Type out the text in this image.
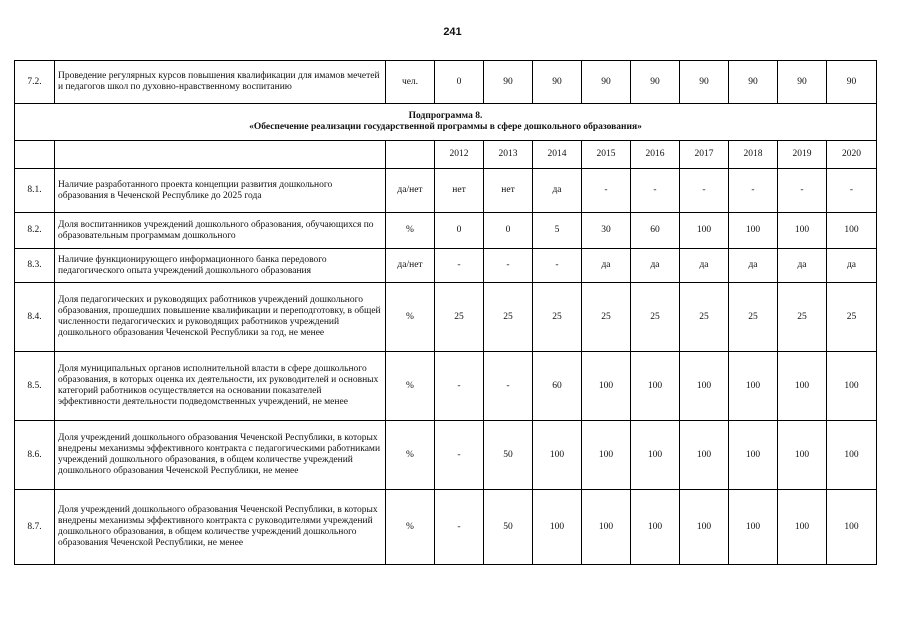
241
7.2.	Проведение регулярных курсов повышения квалификации для имамов мечетей и педагогов школ по духовно-нравственному воспитанию	чел.	0	90	90	90	90	90	90	90	90

Подпрограмма 8.
«Обеспечение реализации государственной программы в сфере дошкольного образования»											

			2012	2013	2014	2015	2016	2017	2018	2019	2020
8.1.	Наличие разработанного проекта концепции развития дошкольного образования в Чеченской Республике до 2025 года	да/нет	нет	нет	да	-	-	-	-	-	-
8.2.	Доля воспитанников учреждений дошкольного образования, обучающихся по образовательным программам дошкольного	%	0	0	5	30	60	100	100	100	100
8.3.	Наличие функционирующего информационного банка передового педагогического опыта учреждений дошкольного образования	да/нет	-	-	-	да	да	да	да	да	да
8.4.	Доля педагогических и руководящих работников учреждений дошкольного образования, прошедших повышение квалификации и переподготовку, в общей численности педагогических и руководящих работников учреждений дошкольного образования Чеченской Республики за год, не менее	%	25	25	25	25	25	25	25	25	25
8.5.	Доля муниципальных органов исполнительной власти в сфере дошкольного образования, в которых оценка их деятельности, их руководителей и основных категорий работников осуществляется на основании показателей эффективности деятельности подведомственных учреждений, не менее	%	-	-	60	100	100	100	100	100	100
8.6.	Доля учреждений дошкольного образования Чеченской Республики, в которых внедрены механизмы эффективного контракта с педагогическими работниками учреждений дошкольного образования, в общем количестве учреждений дошкольного образования Чеченской Республики, не менее	%	-	50	100	100	100	100	100	100	100
8.7.	Доля учреждений дошкольного образования Чеченской Республики, в которых внедрены механизмы эффективного контракта с руководителями учреждений дошкольного образования, в общем количестве учреждений дошкольного образования Чеченской Республики, не менее	%	-	50	100	100	100	100	100	100	100
